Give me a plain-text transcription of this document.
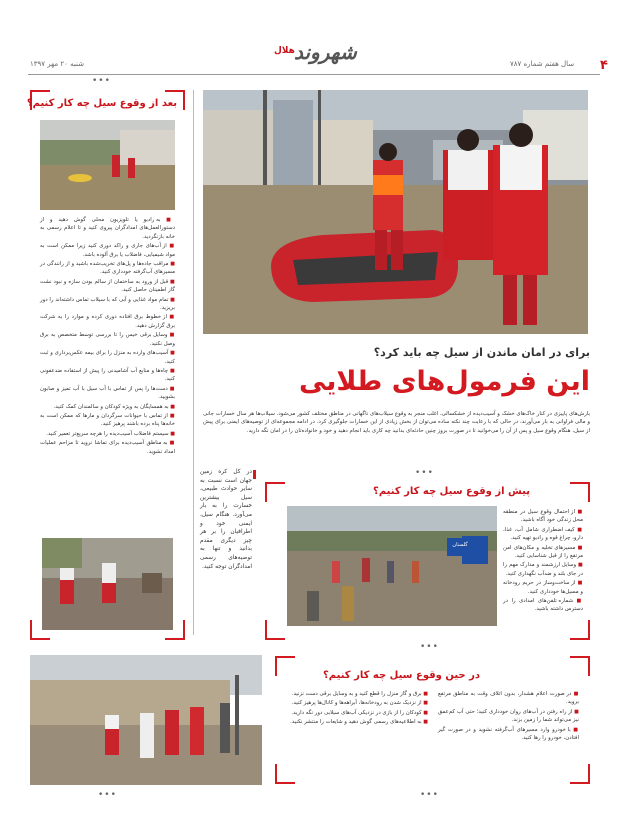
۴
سال هفتم شماره ۷۸۷
هلال شهروند
شنبه ۲۰ مهر ۱۳۹۷
برای در امان ماندن از سیل چه باید کرد؟
این فرمول‌های طلایی
بارش‌های پاییزی در کنار خاک‌های خشک و آسیب‌دیده از خشکسالی، اغلب منجر به وقوع سیلاب‌های ناگهانی در مناطق مختلف کشور می‌شود. سیلاب‌ها هر سال خسارات جانی و مالی فراوانی به بار می‌آورند، در حالی که با رعایت چند نکته ساده می‌توان از بخش زیادی از این خسارات جلوگیری کرد. در ادامه مجموعه‌ای از توصیه‌های ایمنی برای پیش از سیل، هنگام وقوع سیل و پس از آن را می‌خوانید تا در صورت بروز چنین حادثه‌ای بدانید چه کاری باید انجام دهید و خود و خانواده‌تان را در امان نگه دارید.
•••
بعد از وقوع سیل چه کار کنیم؟

■ به رادیو یا تلویزیون محلی گوش دهید و از دستورالعمل‌های امدادگران پیروی کنید و تا اعلام رسمی به خانه بازنگردید.

■ از آب‌های جاری و راکد دوری کنید زیرا ممکن است به مواد شیمیایی، فاضلاب یا برق آلوده باشد.

■ مراقب جاده‌ها و پل‌های تخریب‌شده باشید و از رانندگی در مسیرهای آب‌گرفته خودداری کنید.

■ قبل از ورود به ساختمان از سالم بودن سازه و نبود نشت گاز اطمینان حاصل کنید.

■ تمام مواد غذایی و آبی که با سیلاب تماس داشته‌اند را دور بریزید.

■ از خطوط برق افتاده دوری کرده و موارد را به شرکت برق گزارش دهید.

■ وسایل برقی خیس را تا بررسی توسط متخصص به برق وصل نکنید.

■ آسیب‌های وارده به منزل را برای بیمه عکس‌برداری و ثبت کنید.

■ چاه‌ها و منابع آب آشامیدنی را پیش از استفاده ضدعفونی کنید.

■ دست‌ها را پس از تماس با آب سیل با آب تمیز و صابون بشویید.

■ به همسایگان به ویژه کودکان و سالمندان کمک کنید.

■ از تماس با حیوانات سرگردان و مارها که ممکن است به خانه‌ها پناه برده باشند پرهیز کنید.

■ سیستم فاضلاب آسیب‌دیده را هرچه سریع‌تر تعمیر کنید.

■ به مناطق آسیب‌دیده برای تماشا نروید تا مزاحم عملیات امداد نشوید.

در کل کره زمین جهان است نسبت به سایر حوادث طبیعی، سیل بیشترین خسارت را به بار می‌آورد. هنگام سیل، ایمنی خود و اطرافیان را بر هر چیز دیگری مقدم بدانید و تنها به توصیه‌های رسمی امدادگران توجه کنید.
•••
پیش از وقوع سیل چه کار کنیم؟
گلستان

■ از احتمال وقوع سیل در منطقه محل زندگی خود آگاه باشید.

■ کیف اضطراری شامل آب، غذا، دارو، چراغ قوه و رادیو تهیه کنید.

■ مسیرهای تخلیه و مکان‌های امن مرتفع را از قبل شناسایی کنید.

■ وسایل ارزشمند و مدارک مهم را در جای بلند و ضدآب نگهداری کنید.

■ از ساخت‌وساز در حریم رودخانه و مسیل‌ها خودداری کنید.

■ شماره تلفن‌های امدادی را در دسترس داشته باشید.

•••
در حین وقوع سیل چه کار کنیم؟

■ در صورت اعلام هشدار، بدون اتلاف وقت به مناطق مرتفع بروید.

■ از راه رفتن در آب‌های روان خودداری کنید؛ حتی آب کم‌عمق نیز می‌تواند شما را زمین بزند.

■ با خودرو وارد مسیرهای آب‌گرفته نشوید و در صورت گیر افتادن، خودرو را رها کنید.

■ برق و گاز منزل را قطع کنید و به وسایل برقی دست نزنید.

■ از نزدیک شدن به رودخانه‌ها، آبراهه‌ها و کانال‌ها پرهیز کنید.

■ کودکان را از بازی در نزدیکی آب‌های سیلابی دور نگه دارید.

■ به اطلاعیه‌های رسمی گوش دهید و شایعات را منتشر نکنید.

•••	•••
